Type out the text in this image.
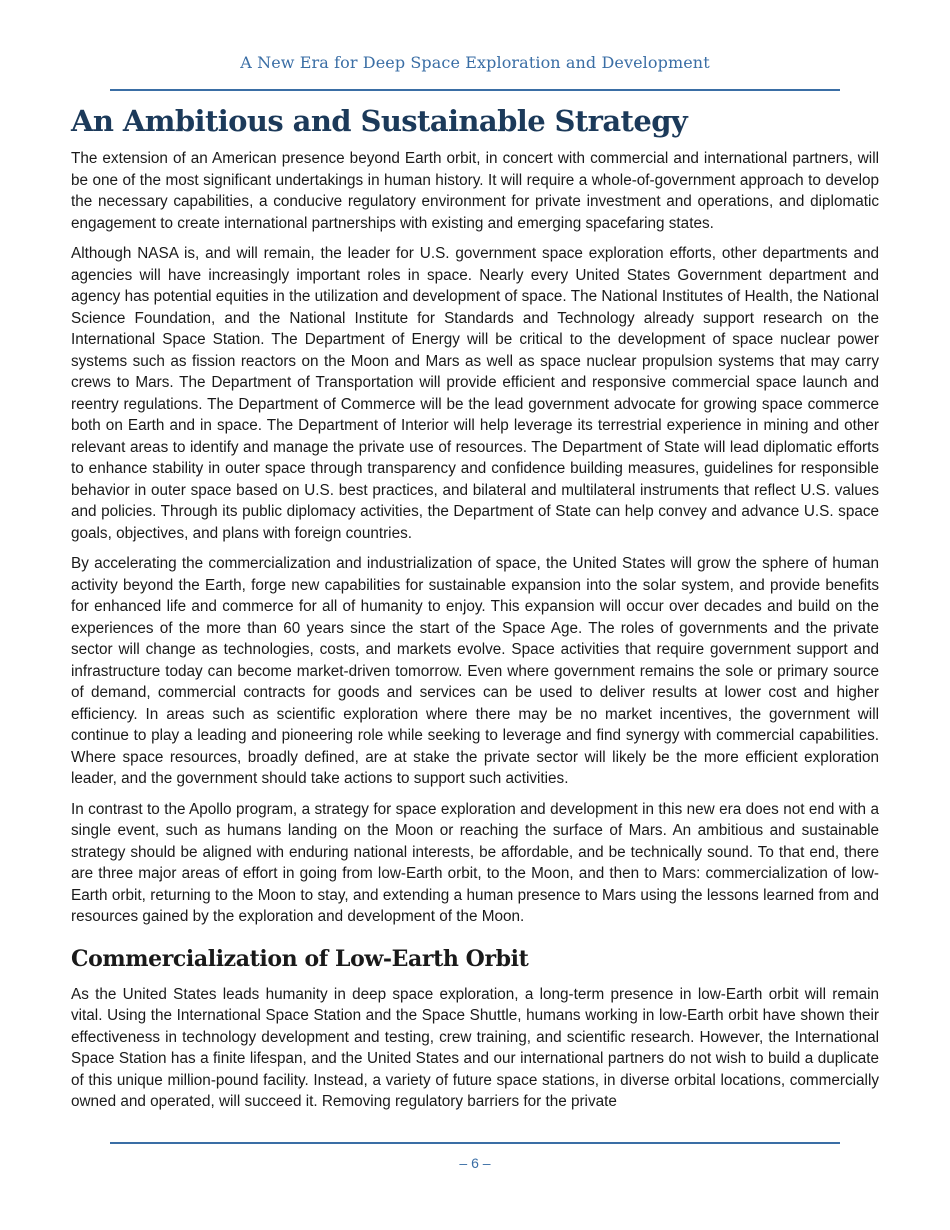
A New Era for Deep Space Exploration and Development
An Ambitious and Sustainable Strategy

The extension of an American presence beyond Earth orbit, in concert with commercial and international partners, will be one of the most significant undertakings in human history. It will require a whole-of-government approach to develop the necessary capabilities, a conducive regulatory environment for private investment and operations, and diplomatic engagement to create international partnerships with existing and emerging spacefaring states.

Although NASA is, and will remain, the leader for U.S. government space exploration efforts, other departments and agencies will have increasingly important roles in space. Nearly every United States Government department and agency has potential equities in the utilization and development of space. The National Institutes of Health, the National Science Foundation, and the National Institute for Standards and Technology already support research on the International Space Station. The Department of Energy will be critical to the development of space nuclear power systems such as fission reactors on the Moon and Mars as well as space nuclear propulsion systems that may carry crews to Mars. The Department of Transportation will provide efficient and responsive commercial space launch and reentry regulations. The Department of Commerce will be the lead government advocate for growing space commerce both on Earth and in space. The Department of Interior will help leverage its terrestrial experience in mining and other relevant areas to identify and manage the private use of resources. The Department of State will lead diplomatic efforts to enhance stability in outer space through transparency and confidence building measures, guidelines for responsible behavior in outer space based on U.S. best practices, and bilateral and multilateral instruments that reflect U.S. values and policies. Through its public diplomacy activities, the Department of State can help convey and advance U.S. space goals, objectives, and plans with foreign countries.

By accelerating the commercialization and industrialization of space, the United States will grow the sphere of human activity beyond the Earth, forge new capabilities for sustainable expansion into the solar system, and provide benefits for enhanced life and commerce for all of humanity to enjoy. This expansion will occur over decades and build on the experiences of the more than 60 years since the start of the Space Age. The roles of governments and the private sector will change as technologies, costs, and markets evolve. Space activities that require government support and infrastructure today can become market-driven tomorrow. Even where government remains the sole or primary source of demand, commercial contracts for goods and services can be used to deliver results at lower cost and higher efficiency. In areas such as scientific exploration where there may be no market incentives, the government will continue to play a leading and pioneering role while seeking to leverage and find synergy with commercial capabilities. Where space resources, broadly defined, are at stake the private sector will likely be the more efficient exploration leader, and the government should take actions to support such activities.

In contrast to the Apollo program, a strategy for space exploration and development in this new era does not end with a single event, such as humans landing on the Moon or reaching the surface of Mars. An ambitious and sustainable strategy should be aligned with enduring national interests, be affordable, and be technically sound. To that end, there are three major areas of effort in going from low-Earth orbit, to the Moon, and then to Mars: commercialization of low-Earth orbit, returning to the Moon to stay, and extending a human presence to Mars using the lessons learned from and resources gained by the exploration and development of the Moon.

Commercialization of Low-Earth Orbit

As the United States leads humanity in deep space exploration, a long-term presence in low-Earth orbit will remain vital. Using the International Space Station and the Space Shuttle, humans working in low-Earth orbit have shown their effectiveness in technology development and testing, crew training, and scientific research. However, the International Space Station has a finite lifespan, and the United States and our international partners do not wish to build a duplicate of this unique million-pound facility. Instead, a variety of future space stations, in diverse orbital locations, commercially owned and operated, will succeed it. Removing regulatory barriers for the private

– 6 –
